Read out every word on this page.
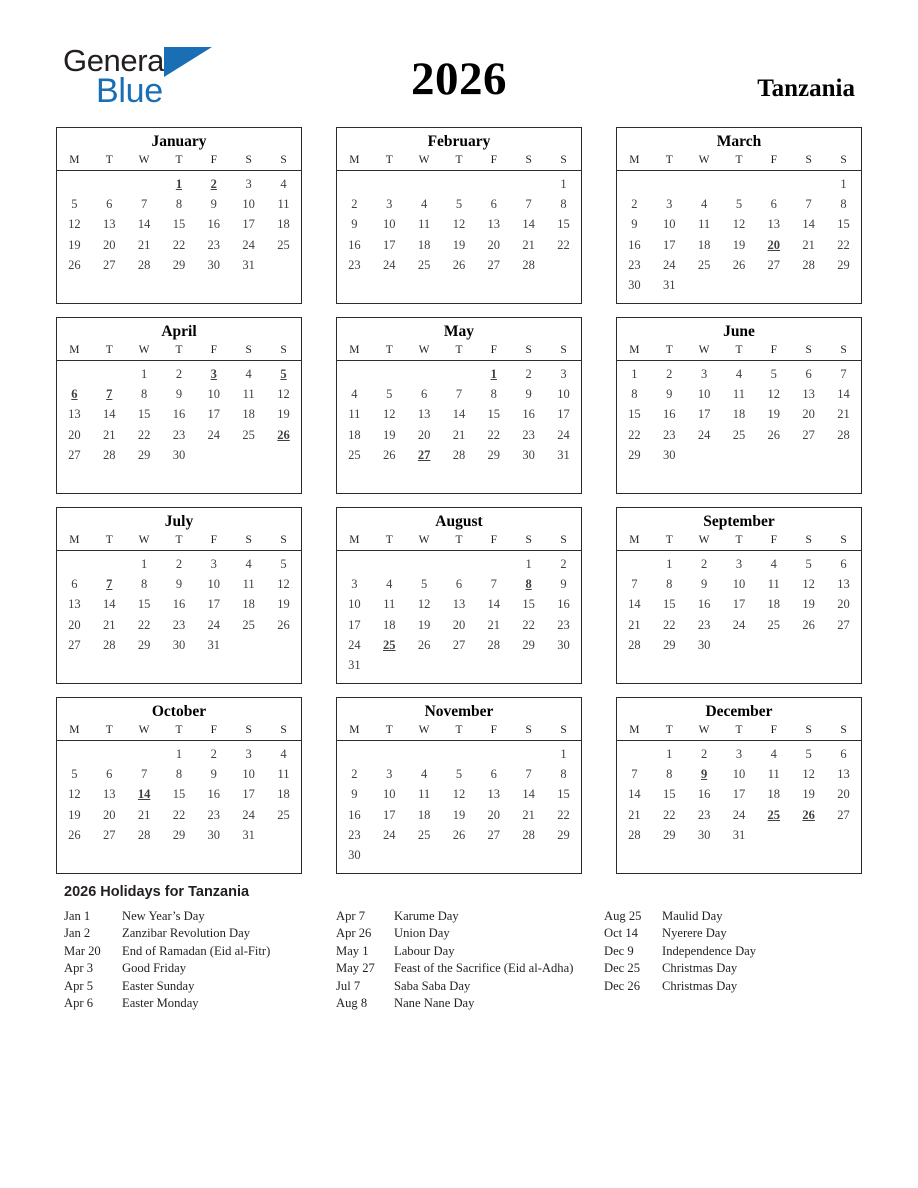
General
Blue	2026	Tanzania
January
M	T	W	T	F	S	S
			1	2	3	4
5	6	7	8	9	10	11
12	13	14	15	16	17	18
19	20	21	22	23	24	25
26	27	28	29	30	31	

February
M	T	W	T	F	S	S
						1
2	3	4	5	6	7	8
9	10	11	12	13	14	15
16	17	18	19	20	21	22
23	24	25	26	27	28	

March
M	T	W	T	F	S	S
						1
2	3	4	5	6	7	8
9	10	11	12	13	14	15
16	17	18	19	20	21	22
23	24	25	26	27	28	29
30	31					
April
M	T	W	T	F	S	S
		1	2	3	4	5
6	7	8	9	10	11	12
13	14	15	16	17	18	19
20	21	22	23	24	25	26
27	28	29	30			

May
M	T	W	T	F	S	S
				1	2	3
4	5	6	7	8	9	10
11	12	13	14	15	16	17
18	19	20	21	22	23	24
25	26	27	28	29	30	31

June
M	T	W	T	F	S	S
1	2	3	4	5	6	7
8	9	10	11	12	13	14
15	16	17	18	19	20	21
22	23	24	25	26	27	28
29	30					

July
M	T	W	T	F	S	S
		1	2	3	4	5
6	7	8	9	10	11	12
13	14	15	16	17	18	19
20	21	22	23	24	25	26
27	28	29	30	31		

August
M	T	W	T	F	S	S
					1	2
3	4	5	6	7	8	9
10	11	12	13	14	15	16
17	18	19	20	21	22	23
24	25	26	27	28	29	30
31						
September
M	T	W	T	F	S	S
	1	2	3	4	5	6
7	8	9	10	11	12	13
14	15	16	17	18	19	20
21	22	23	24	25	26	27
28	29	30				

October
M	T	W	T	F	S	S
			1	2	3	4
5	6	7	8	9	10	11
12	13	14	15	16	17	18
19	20	21	22	23	24	25
26	27	28	29	30	31	

November
M	T	W	T	F	S	S
						1
2	3	4	5	6	7	8
9	10	11	12	13	14	15
16	17	18	19	20	21	22
23	24	25	26	27	28	29
30						
December
M	T	W	T	F	S	S
	1	2	3	4	5	6
7	8	9	10	11	12	13
14	15	16	17	18	19	20
21	22	23	24	25	26	27
28	29	30	31			

2026 Holidays for Tanzania
Jan 1	New Year’s Day
Jan 2	Zanzibar Revolution Day
Mar 20	End of Ramadan (Eid al-Fitr)
Apr 3	Good Friday
Apr 5	Easter Sunday
Apr 6	Easter Monday
Apr 7	Karume Day
Apr 26	Union Day
May 1	Labour Day
May 27	Feast of the Sacrifice (Eid al-Adha)
Jul 7	Saba Saba Day
Aug 8	Nane Nane Day
Aug 25	Maulid Day
Oct 14	Nyerere Day
Dec 9	Independence Day
Dec 25	Christmas Day
Dec 26	Christmas Day
